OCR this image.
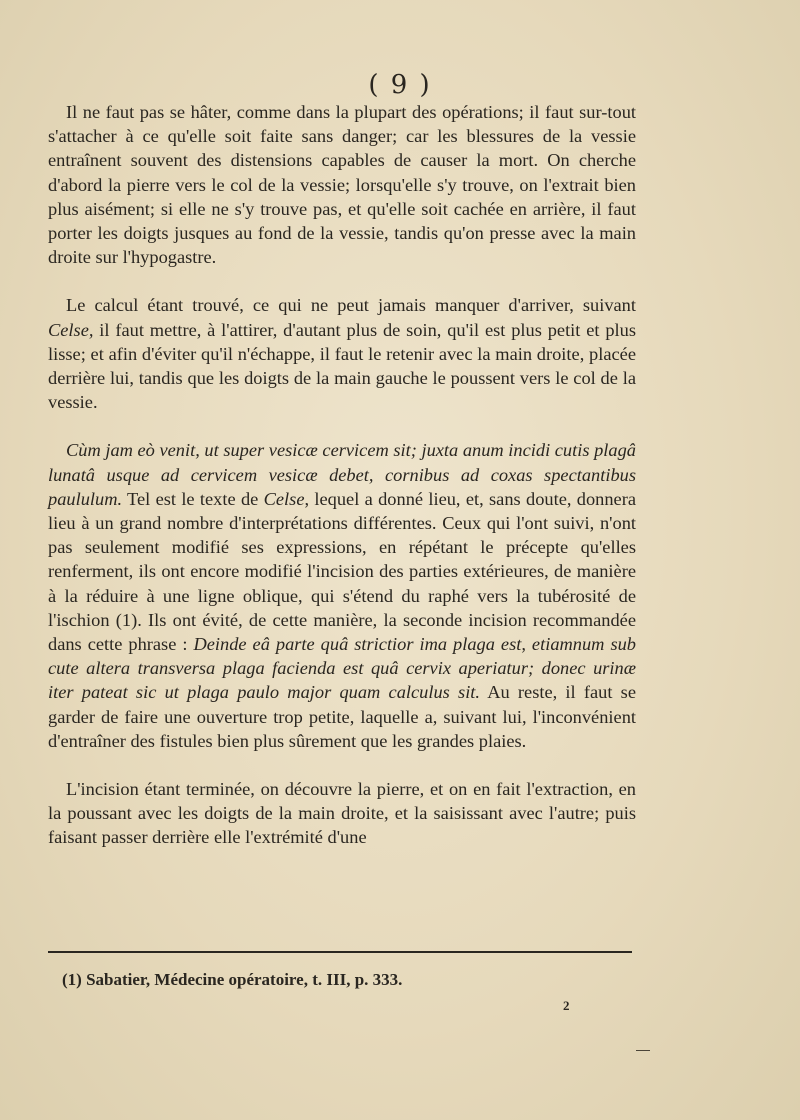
( 9 )

Il ne faut pas se hâter, comme dans la plupart des opérations; il faut sur-tout s'attacher à ce qu'elle soit faite sans danger; car les blessures de la vessie entraînent souvent des distensions capables de causer la mort. On cherche d'abord la pierre vers le col de la vessie; lorsqu'elle s'y trouve, on l'extrait bien plus aisément; si elle ne s'y trouve pas, et qu'elle soit cachée en arrière, il faut porter les doigts jusques au fond de la vessie, tandis qu'on presse avec la main droite sur l'hypogastre.

Le calcul étant trouvé, ce qui ne peut jamais manquer d'arriver, suivant Celse, il faut mettre, à l'attirer, d'autant plus de soin, qu'il est plus petit et plus lisse; et afin d'éviter qu'il n'échappe, il faut le retenir avec la main droite, placée derrière lui, tandis que les doigts de la main gauche le poussent vers le col de la vessie.

Cùm jam eò venit, ut super vesicæ cervicem sit; juxta anum incidi cutis plagâ lunatâ usque ad cervicem vesicæ debet, cornibus ad coxas spectantibus paululum. Tel est le texte de Celse, lequel a donné lieu, et, sans doute, donnera lieu à un grand nombre d'interprétations différentes. Ceux qui l'ont suivi, n'ont pas seulement modifié ses expressions, en répétant le précepte qu'elles renferment, ils ont encore modifié l'incision des parties extérieures, de manière à la réduire à une ligne oblique, qui s'étend du raphé vers la tubérosité de l'ischion (1). Ils ont évité, de cette manière, la seconde incision recommandée dans cette phrase : Deinde eâ parte quâ strictior ima plaga est, etiamnum sub cute altera transversa plaga facienda est quâ cervix aperiatur; donec urinæ iter pateat sic ut plaga paulo major quam calculus sit. Au reste, il faut se garder de faire une ouverture trop petite, laquelle a, suivant lui, l'inconvénient d'entraîner des fistules bien plus sûrement que les grandes plaies.

L'incision étant terminée, on découvre la pierre, et on en fait l'extraction, en la poussant avec les doigts de la main droite, et la saisissant avec l'autre; puis faisant passer derrière elle l'extrémité d'une

(1) Sabatier, Médecine opératoire, t. III, p. 333.
2
